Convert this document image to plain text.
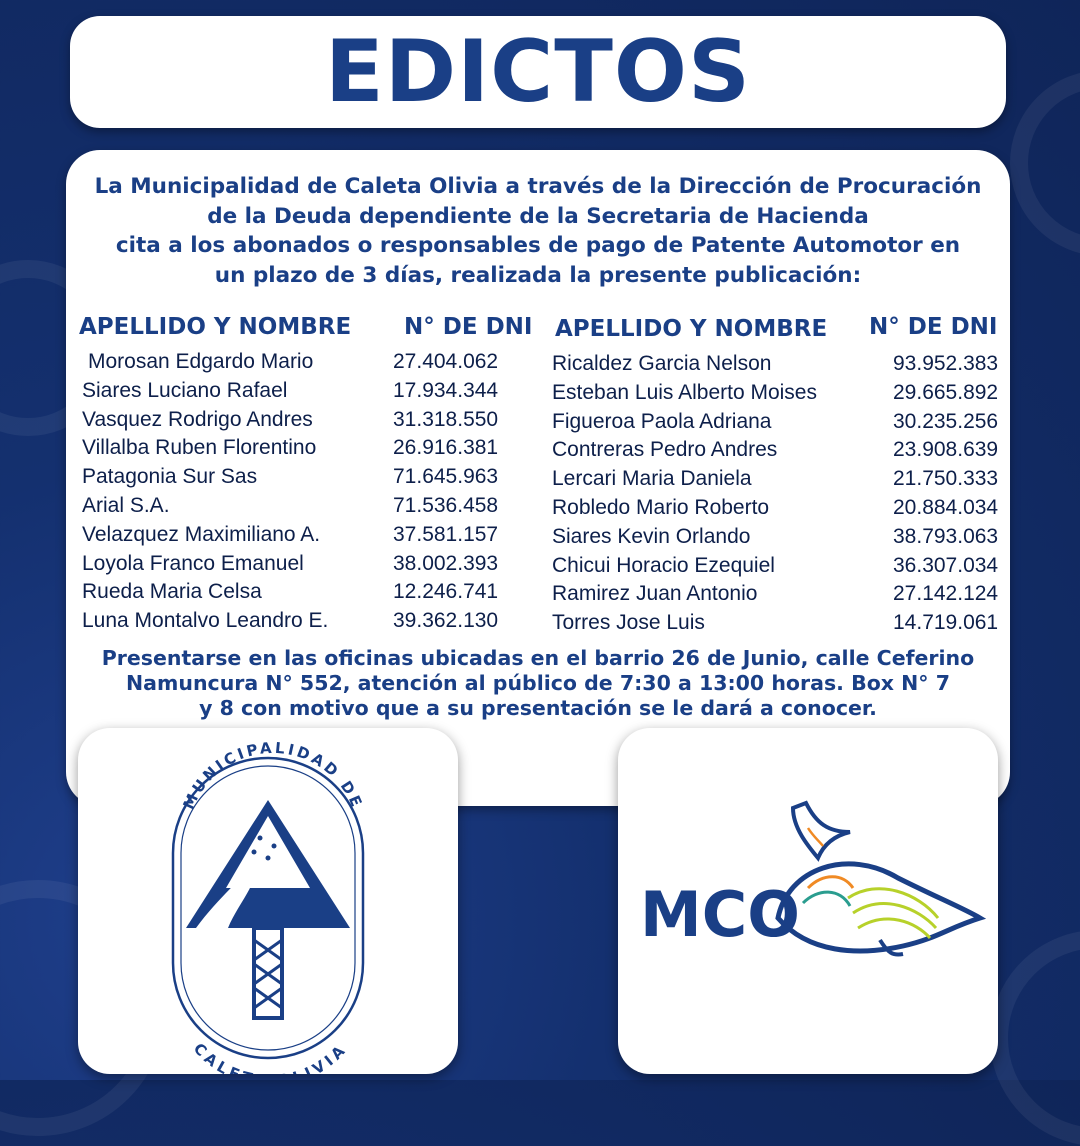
EDICTOS
La Municipalidad de Caleta Olivia a través de la Dirección de Procuración
de la Deuda dependiente de la Secretaria de Hacienda
cita a los abonados o responsables de pago de Patente Automotor en
un plazo de 3 días, realizada la presente publicación:
APELLIDO Y NOMBRE N° DE DNI APELLIDO Y NOMBRE N° DE DNI
Morosan Edgardo Mario	27.404.062
Siares Luciano Rafael	17.934.344
Vasquez Rodrigo Andres	31.318.550
Villalba Ruben Florentino	26.916.381
Patagonia Sur Sas	71.645.963
Arial S.A.	71.536.458
Velazquez Maximiliano A.	37.581.157
Loyola Franco Emanuel	38.002.393
Rueda Maria Celsa	12.246.741
Luna Montalvo Leandro E.	39.362.130
Ricaldez Garcia Nelson	93.952.383
Esteban Luis Alberto Moises	29.665.892
Figueroa Paola Adriana	30.235.256
Contreras Pedro Andres	23.908.639
Lercari Maria Daniela	21.750.333
Robledo Mario Roberto	20.884.034
Siares Kevin Orlando	38.793.063
Chicui Horacio Ezequiel	36.307.034
Ramirez Juan Antonio	27.142.124
Torres Jose Luis	14.719.061
Presentarse en las oficinas ubicadas en el barrio 26 de Junio, calle Ceferino
Namuncura N° 552, atención al público de 7:30 a 13:00 horas. Box N° 7
y 8 con motivo que a su presentación se le dará a conocer.
MUNICIPALIDAD DE
CAL IVIA
MCO
